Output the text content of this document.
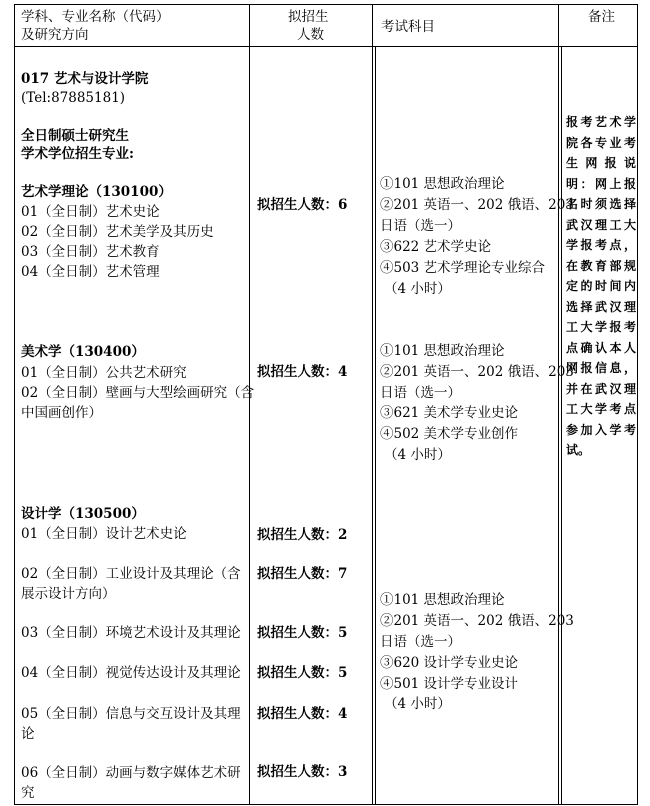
学科、专业名称（代码）
及研究方向
拟招生
人数	考试科目
备注
017 艺术与设计学院
(Tel:87885181)
全日制硕士研究生
学术学位招生专业:
艺术学理论（130100）
01（全日制）艺术史论
02（全日制）艺术美学及其历史
03（全日制）艺术教育
04（全日制）艺术管理
拟招生人数：6
①101 思想政治理论
②201 英语一、202 俄语、203
日语（选一）
③622 艺术学史论
④503 艺术学理论专业综合
（4 小时）
美术学（130400）
01（全日制）公共艺术研究
02（全日制）壁画与大型绘画研究（含
中国画创作）
拟招生人数：4
①101 思想政治理论
②201 英语一、202 俄语、203
日语（选一）
③621 美术学专业史论
④502 美术学专业创作
（4 小时）
设计学（130500）
01（全日制）设计艺术史论	拟招生人数：2
02（全日制）工业设计及其理论（含
展示设计方向）
拟招生人数：7
03（全日制）环境艺术设计及其理论 拟招生人数：5
04（全日制）视觉传达设计及其理论 拟招生人数：5
05（全日制）信息与交互设计及其理
论
拟招生人数：4
06（全日制）动画与数字媒体艺术研
究
拟招生人数：3
①101 思想政治理论
②201 英语一、202 俄语、203
日语（选一）
③620 设计学专业史论
④501 设计学专业设计
（4 小时）
报考艺术学院各专业考生网报说明：网上报名时须选择武汉理工大学报考点，在教育部规定的时间内选择武汉理工大学报考点确认本人网报信息，并在武汉理工大学考点参加入学考试。
